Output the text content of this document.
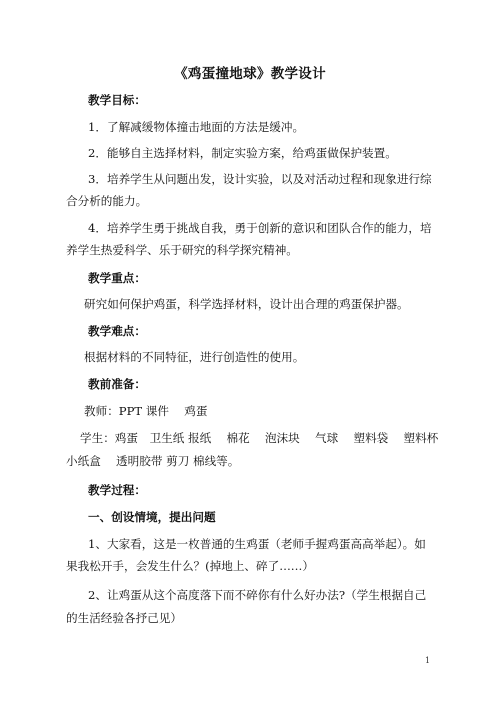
《鸡蛋撞地球》教学设计
教学目标：
1．了解减缓物体撞击地面的方法是缓冲。
2．能够自主选择材料，制定实验方案，给鸡蛋做保护装置。
3．培养学生从问题出发，设计实验，以及对活动过程和现象进行综
合分析的能力。
4．培养学生勇于挑战自我，勇于创新的意识和团队合作的能力，培
养学生热爱科学、乐于研究的科学探究精神。
教学重点：
研究如何保护鸡蛋，科学选择材料，设计出合理的鸡蛋保护器。
教学难点：
根据材料的不同特征，进行创造性的使用。
教前准备：
教师：PPT 课件　 鸡蛋
学生：鸡蛋　卫生纸 报纸　 棉花　 泡沫块　 气球　 塑料袋　 塑料杯
小纸盒　 透明胶带 剪刀 棉线等。
教学过程：
一、创设情境，提出问题
1、大家看，这是一枚普通的生鸡蛋（老师手握鸡蛋高高举起）。如
果我松开手，会发生什么？(掉地上、碎了……）
2、让鸡蛋从这个高度落下而不碎你有什么好办法?（学生根据自己
的生活经验各抒己见）
1
